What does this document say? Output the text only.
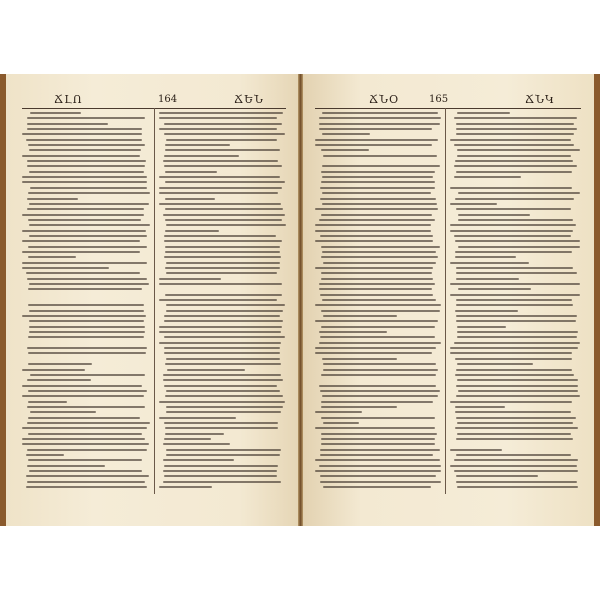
ՃԼՈ	164	ՃԵՆ	ՃՆՕ	165	ՃՆԿ
